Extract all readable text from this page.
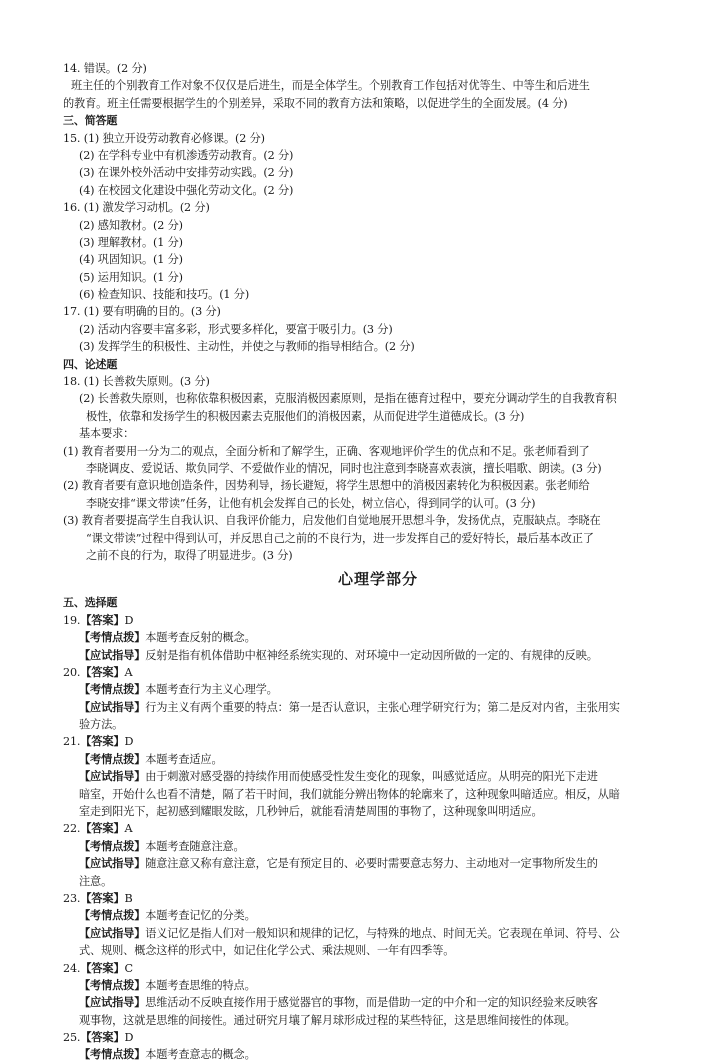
14. 错误。(2 分)
班主任的个别教育工作对象不仅仅是后进生，而是全体学生。个别教育工作包括对优等生、中等生和后进生
的教育。班主任需要根据学生的个别差异，采取不同的教育方法和策略，以促进学生的全面发展。(4 分)
三、简答题
15. (1) 独立开设劳动教育必修课。(2 分)
(2) 在学科专业中有机渗透劳动教育。(2 分)
(3) 在课外校外活动中安排劳动实践。(2 分)
(4) 在校园文化建设中强化劳动文化。(2 分)
16. (1) 激发学习动机。(2 分)
(2) 感知教材。(2 分)
(3) 理解教材。(1 分)
(4) 巩固知识。(1 分)
(5) 运用知识。(1 分)
(6) 检查知识、技能和技巧。(1 分)
17. (1) 要有明确的目的。(3 分)
(2) 活动内容要丰富多彩，形式要多样化，要富于吸引力。(3 分)
(3) 发挥学生的积极性、主动性，并使之与教师的指导相结合。(2 分)
四、论述题
18. (1) 长善救失原则。(3 分)
(2) 长善救失原则，也称依靠积极因素，克服消极因素原则，是指在德育过程中，要充分调动学生的自我教育积
极性，依靠和发扬学生的积极因素去克服他们的消极因素，从而促进学生道德成长。(3 分)
基本要求：
(1) 教育者要用一分为二的观点，全面分析和了解学生，正确、客观地评价学生的优点和不足。张老师看到了
李晓调皮、爱说话、欺负同学、不爱做作业的情况，同时也注意到李晓喜欢表演，擅长唱歌、朗读。(3 分)
(2) 教育者要有意识地创造条件，因势利导，扬长避短，将学生思想中的消极因素转化为积极因素。张老师给
李晓安排“课文带读”任务，让他有机会发挥自己的长处，树立信心，得到同学的认可。(3 分)
(3) 教育者要提高学生自我认识、自我评价能力，启发他们自觉地展开思想斗争，发扬优点，克服缺点。李晓在
“课文带读”过程中得到认可，并反思自己之前的不良行为，进一步发挥自己的爱好特长，最后基本改正了
之前不良的行为，取得了明显进步。(3 分)
心理学部分
五、选择题
19.【答案】D
【考情点拨】本题考查反射的概念。
【应试指导】反射是指有机体借助中枢神经系统实现的、对环境中一定动因所做的一定的、有规律的反映。
20.【答案】A
【考情点拨】本题考查行为主义心理学。
【应试指导】行为主义有两个重要的特点：第一是否认意识，主张心理学研究行为；第二是反对内省，主张用实
验方法。
21.【答案】D
【考情点拨】本题考查适应。
【应试指导】由于刺激对感受器的持续作用而使感受性发生变化的现象，叫感觉适应。从明亮的阳光下走进
暗室，开始什么也看不清楚，隔了若干时间，我们就能分辨出物体的轮廓来了，这种现象叫暗适应。相反，从暗
室走到阳光下，起初感到耀眼发眩，几秒钟后，就能看清楚周围的事物了，这种现象叫明适应。
22.【答案】A
【考情点拨】本题考查随意注意。
【应试指导】随意注意又称有意注意，它是有预定目的、必要时需要意志努力、主动地对一定事物所发生的
注意。
23.【答案】B
【考情点拨】本题考查记忆的分类。
【应试指导】语义记忆是指人们对一般知识和规律的记忆，与特殊的地点、时间无关。它表现在单词、符号、公
式、规则、概念这样的形式中，如记住化学公式、乘法规则、一年有四季等。
24.【答案】C
【考情点拨】本题考查思维的特点。
【应试指导】思维活动不反映直接作用于感觉器官的事物，而是借助一定的中介和一定的知识经验来反映客
观事物，这就是思维的间接性。通过研究月壤了解月球形成过程的某些特征，这是思维间接性的体现。
25.【答案】D
【考情点拨】本题考查意志的概念。
